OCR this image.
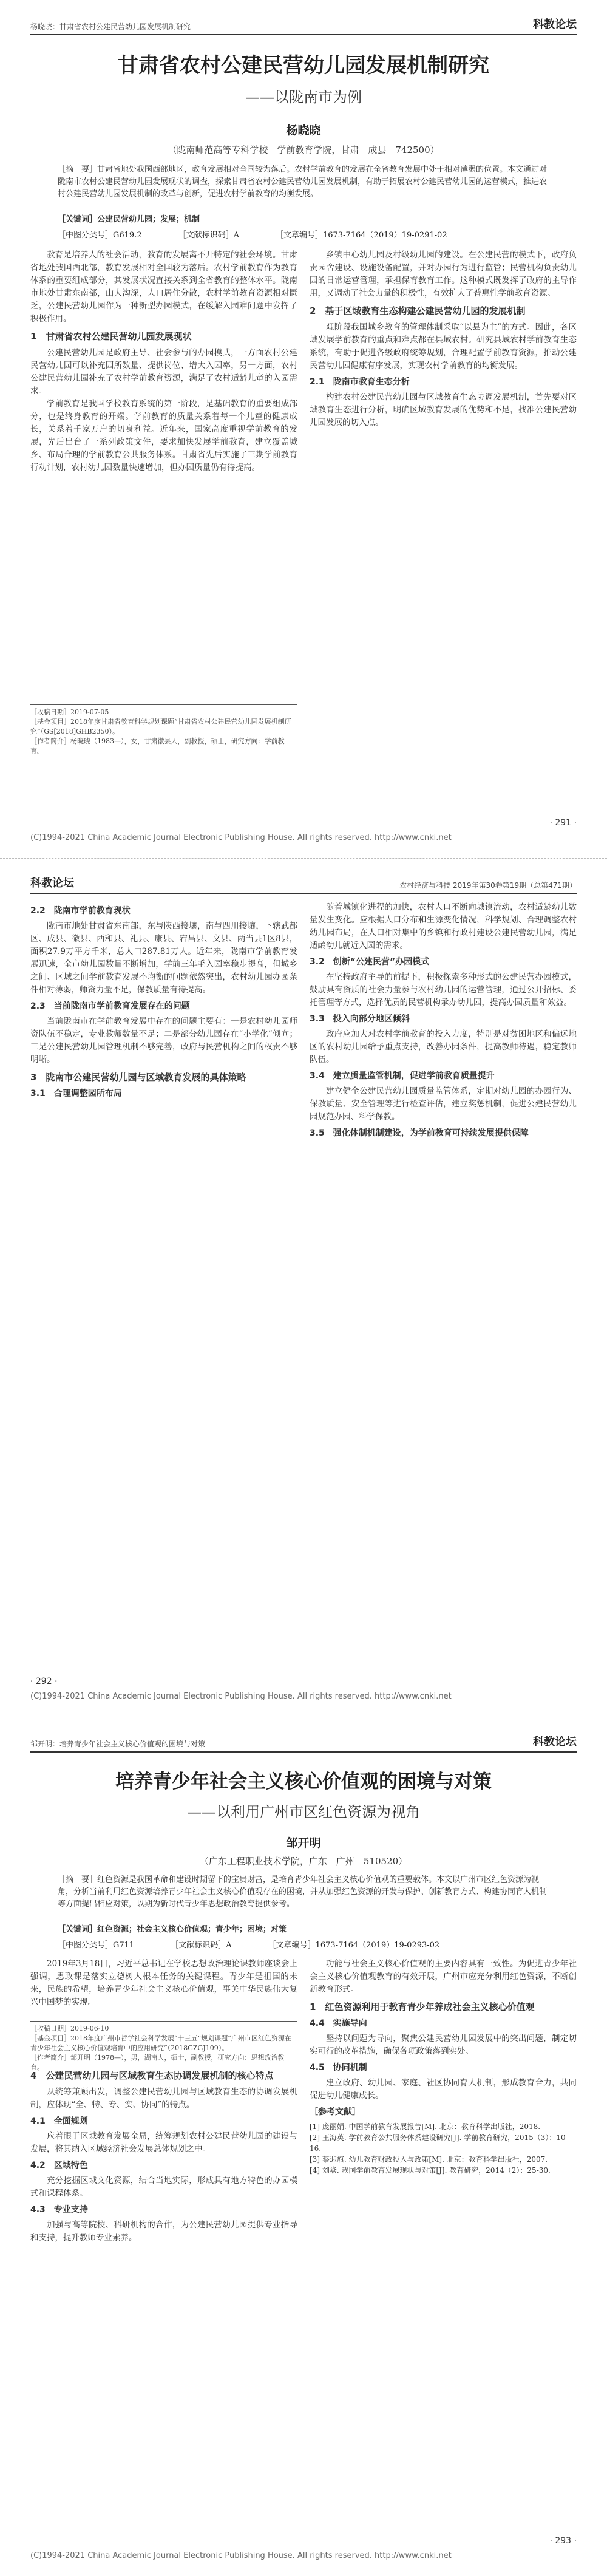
杨晓晓：甘肃省农村公建民营幼儿园发展机制研究	科教论坛
甘肃省农村公建民营幼儿园发展机制研究
——以陇南市为例
杨晓晓
（陇南师范高等专科学校　学前教育学院，甘肃　成县　742500）
［摘　要］甘肃省地处我国西部地区，教育发展相对全国较为落后。农村学前教育的发展在全省教育发展中处于相对薄弱的位置。本文通过对陇南市农村公建民营幼儿园发展现状的调查，探索甘肃省农村公建民营幼儿园发展机制，有助于拓展农村公建民营幼儿园的运营模式，推进农村公建民营幼儿园发展机制的改革与创新，促进农村学前教育的均衡发展。
［关键词］公建民营幼儿园；发展；机制
［中图分类号］G619.2	［文献标识码］A	［文章编号］1673-7164（2019）19-0291-02

教育是培养人的社会活动，教育的发展离不开特定的社会环境。甘肃省地处我国西北部，教育发展相对全国较为落后。农村学前教育作为教育体系的重要组成部分，其发展状况直接关系到全省教育的整体水平。陇南市地处甘肃东南部，山大沟深，人口居住分散，农村学前教育资源相对匮乏，公建民营幼儿园作为一种新型办园模式，在缓解入园难问题中发挥了积极作用。

1　甘肃省农村公建民营幼儿园发展现状

公建民营幼儿园是政府主导、社会参与的办园模式，一方面农村公建民营幼儿园可以补充园所数量、提供岗位、增大入园率，另一方面，农村公建民营幼儿园补充了农村学前教育资源，满足了农村适龄儿童的入园需求。

学前教育是我国学校教育系统的第一阶段，是基础教育的重要组成部分，也是终身教育的开端。学前教育的质量关系着每一个儿童的健康成长，关系着千家万户的切身利益。近年来，国家高度重视学前教育的发展，先后出台了一系列政策文件，要求加快发展学前教育，建立覆盖城乡、布局合理的学前教育公共服务体系。甘肃省先后实施了三期学前教育行动计划，农村幼儿园数量快速增加，但办园质量仍有待提高。

乡镇中心幼儿园及村级幼儿园的建设。在公建民营的模式下，政府负责园舍建设、设施设备配置，并对办园行为进行监管；民营机构负责幼儿园的日常运营管理，承担保育教育工作。这种模式既发挥了政府的主导作用，又调动了社会力量的积极性，有效扩大了普惠性学前教育资源。

2　基于区域教育生态构建公建民营幼儿园的发展机制

观阶段我国城乡教育的管理体制采取“以县为主”的方式。因此，各区域发展学前教育的重点和难点都在县域农村。研究县域农村学前教育生态系统，有助于促进各级政府统筹规划，合理配置学前教育资源，推动公建民营幼儿园健康有序发展，实现农村学前教育的均衡发展。

2.1　陇南市教育生态分析

构建农村公建民营幼儿园与区域教育生态协调发展机制，首先要对区域教育生态进行分析，明确区域教育发展的优势和不足，找准公建民营幼儿园发展的切入点。

［收稿日期］2019-07-05
［基金项目］2018年度甘肃省教育科学规划课题“甘肃省农村公建民营幼儿园发展机制研究”（GS[2018]GHB2350）。
［作者简介］杨晓晓（1983—），女，甘肃徽县人，副教授，硕士，研究方向：学前教育。
· 291 ·
(C)1994-2021 China Academic Journal Electronic Publishing House. All rights reserved. http://www.cnki.net
科教论坛	农村经济与科技 2019年第30卷第19期（总第471期）
2.2　陇南市学前教育现状

陇南市地处甘肃省东南部，东与陕西接壤，南与四川接壤，下辖武都区、成县、徽县、西和县、礼县、康县、宕昌县、文县、两当县1区8县，面积27.9万平方千米，总人口287.81万人。近年来，陇南市学前教育发展迅速，全市幼儿园数量不断增加，学前三年毛入园率稳步提高，但城乡之间、区域之间学前教育发展不均衡的问题依然突出，农村幼儿园办园条件相对薄弱，师资力量不足，保教质量有待提高。

2.3　当前陇南市学前教育发展存在的问题

当前陇南市在学前教育发展中存在的问题主要有：一是农村幼儿园师资队伍不稳定，专业教师数量不足；二是部分幼儿园存在“小学化”倾向；三是公建民营幼儿园管理机制不够完善，政府与民营机构之间的权责不够明晰。

3　陇南市公建民营幼儿园与区域教育发展的具体策略
3.1　合理调整园所布局

随着城镇化进程的加快，农村人口不断向城镇流动，农村适龄幼儿数量发生变化。应根据人口分布和生源变化情况，科学规划、合理调整农村幼儿园布局，在人口相对集中的乡镇和行政村建设公建民营幼儿园，满足适龄幼儿就近入园的需求。

3.2　创新“公建民营”办园模式

在坚持政府主导的前提下，积极探索多种形式的公建民营办园模式，鼓励具有资质的社会力量参与农村幼儿园的运营管理，通过公开招标、委托管理等方式，选择优质的民营机构承办幼儿园，提高办园质量和效益。

3.3　投入向部分地区倾斜

政府应加大对农村学前教育的投入力度，特别是对贫困地区和偏远地区的农村幼儿园给予重点支持，改善办园条件，提高教师待遇，稳定教师队伍。

3.4　建立质量监管机制，促进学前教育质量提升

建立健全公建民营幼儿园质量监管体系，定期对幼儿园的办园行为、保教质量、安全管理等进行检查评估，建立奖惩机制，促进公建民营幼儿园规范办园、科学保教。

3.5　强化体制机制建设，为学前教育可持续发展提供保障
· 292 ·
(C)1994-2021 China Academic Journal Electronic Publishing House. All rights reserved. http://www.cnki.net
邹开明：培养青少年社会主义核心价值观的困境与对策	科教论坛
培养青少年社会主义核心价值观的困境与对策
——以利用广州市区红色资源为视角
邹开明
（广东工程职业技术学院，广东　广州　510520）
［摘　要］红色资源是我国革命和建设时期留下的宝贵财富，是培育青少年社会主义核心价值观的重要载体。本文以广州市区红色资源为视角，分析当前利用红色资源培养青少年社会主义核心价值观存在的困境，并从加强红色资源的开发与保护、创新教育方式、构建协同育人机制等方面提出相应对策，以期为新时代青少年思想政治教育提供参考。
［关键词］红色资源；社会主义核心价值观；青少年；困境；对策
［中图分类号］G711	［文献标识码］A	［文章编号］1673-7164（2019）19-0293-02

2019年3月18日，习近平总书记在学校思想政治理论课教师座谈会上强调，思政课是落实立德树人根本任务的关键课程。青少年是祖国的未来，民族的希望，培养青少年社会主义核心价值观，事关中华民族伟大复兴中国梦的实现。

4　公建民营幼儿园与区域教育生态协调发展机制的核心特点

从统筹兼顾出发，调整公建民营幼儿园与区域教育生态的协调发展机制，应体现“全、特、专、实、协同”的特点。

4.1　全面规划

应着眼于区域教育发展全局，统筹规划农村公建民营幼儿园的建设与发展，将其纳入区域经济社会发展总体规划之中。

4.2　区域特色

充分挖掘区域文化资源，结合当地实际，形成具有地方特色的办园模式和课程体系。

4.3　专业支持

加强与高等院校、科研机构的合作，为公建民营幼儿园提供专业指导和支持，提升教师专业素养。

［收稿日期］2019-06-10
［基金项目］2018年度广州市哲学社会科学发展“十三五”规划课题“广州市区红色资源在青少年社会主义核心价值观培育中的应用研究”（2018GZGJ109）。
［作者简介］邹开明（1978—），男，湖南人，硕士，副教授，研究方向：思想政治教育。

功能与社会主义核心价值观的主要内容具有一致性。为促进青少年社会主义核心价值观教育的有效开展，广州市应充分利用红色资源，不断创新教育形式。

1　红色资源利用于教育青少年养成社会主义核心价值观
4.4　实施导向

坚持以问题为导向，聚焦公建民营幼儿园发展中的突出问题，制定切实可行的改革措施，确保各项政策落到实处。

4.5　协同机制

建立政府、幼儿园、家庭、社区协同育人机制，形成教育合力，共同促进幼儿健康成长。

［参考文献］
[1] 庞丽娟. 中国学前教育发展报告[M]. 北京：教育科学出版社，2018.
[2] 王海英. 学前教育公共服务体系建设研究[J]. 学前教育研究，2015（3）：10-16.
[3] 蔡迎旗. 幼儿教育财政投入与政策[M]. 北京：教育科学出版社，2007.
[4] 刘焱. 我国学前教育发展现状与对策[J]. 教育研究，2014（2）：25-30.
· 293 ·
(C)1994-2021 China Academic Journal Electronic Publishing House. All rights reserved. http://www.cnki.net
